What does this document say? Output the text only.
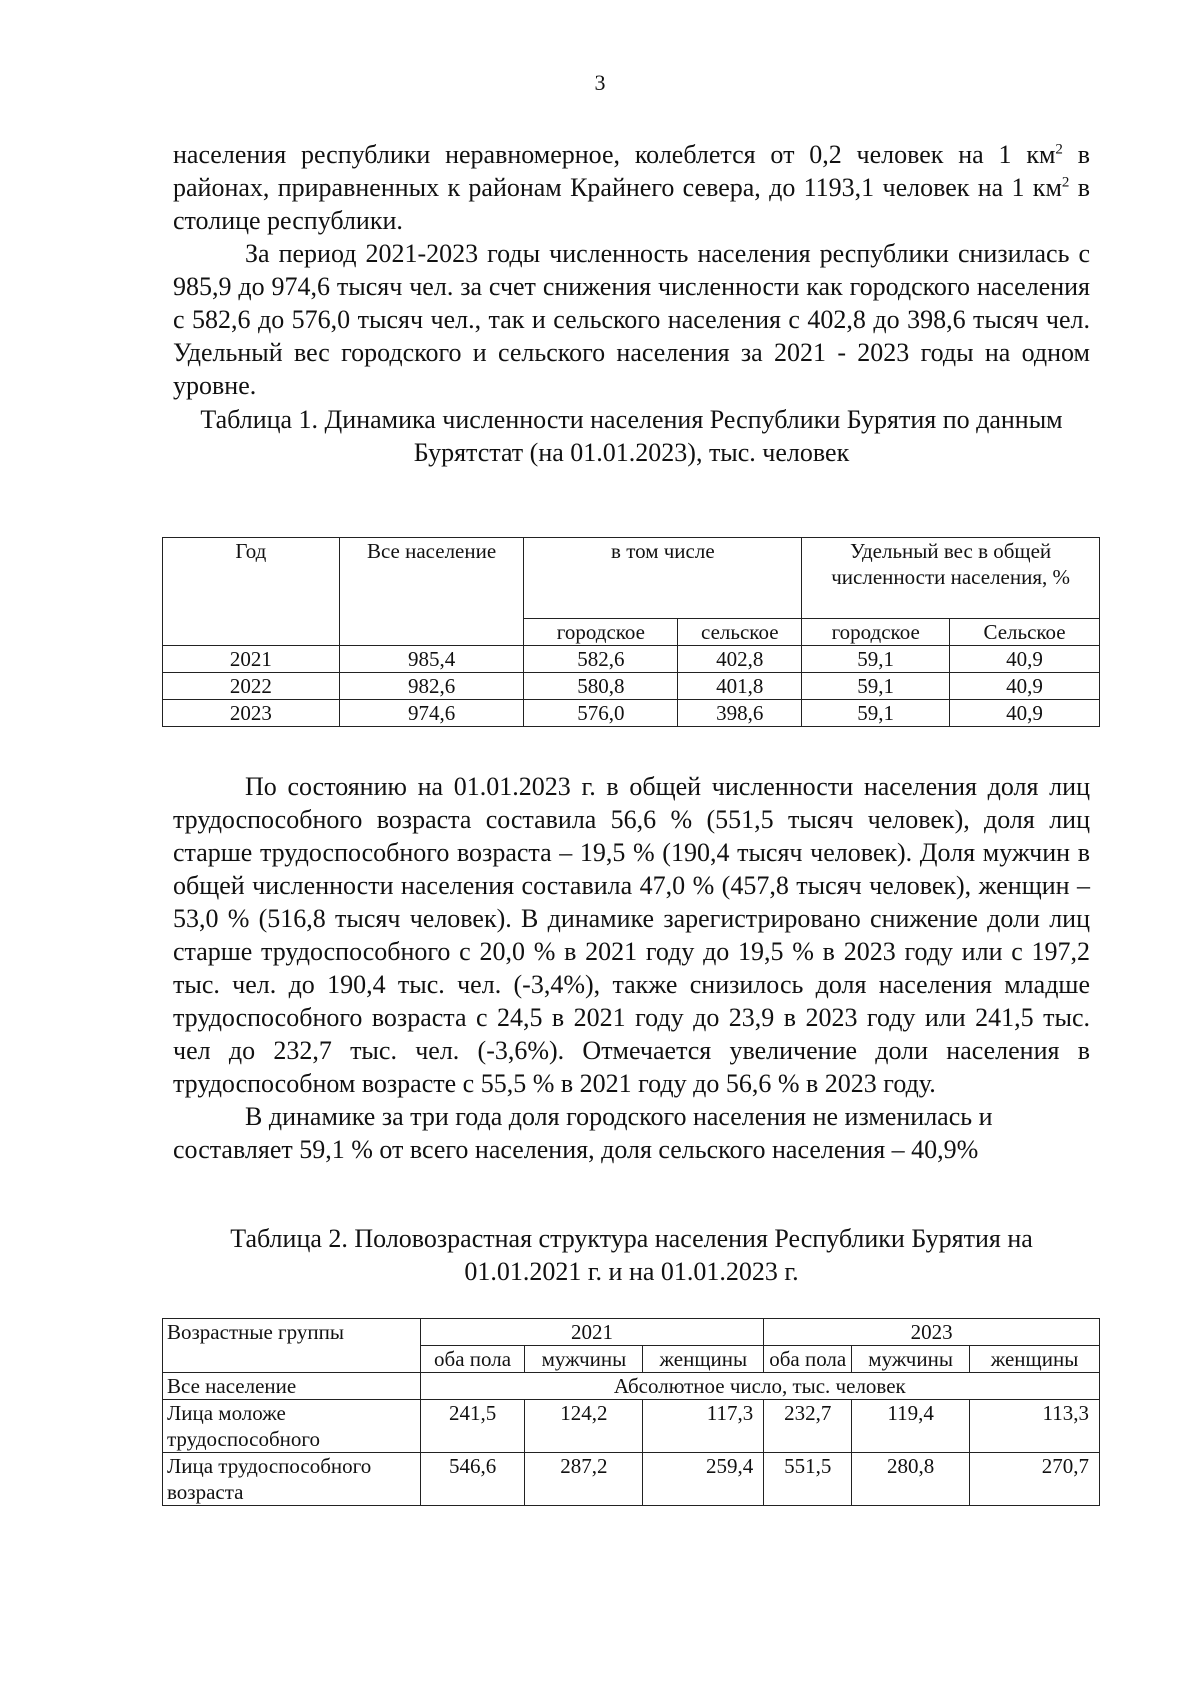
3

населения республики неравномерное, колеблется от 0,2 человек на 1 $км^2$ в районах, приравненных к районам Крайнего севера, до 1193,1 человек на 1 $км^2$ в столице республики.

За период 2021-2023 годы численность населения республики снизилась с 985,9 до 974,6 тысяч чел. за счет снижения численности как городского населения с 582,6 до 576,0 тысяч чел., так и сельского населения с 402,8 до 398,6 тысяч чел. Удельный вес городского и сельского населения за 2021 - 2023 годы на одном уровне.

Таблица 1. Динамика численности населения Республики Бурятия по данным Бурятстат (на 01.01.2023), тыс. человек

Год	Все население	в том числе		Удельный вес в общей численности населения, %	
		городское	сельское	городское	Сельское
2021	985,4	582,6	402,8	59,1	40,9
2022	982,6	580,8	401,8	59,1	40,9
2023	974,6	576,0	398,6	59,1	40,9

По состоянию на 01.01.2023 г. в общей численности населения доля лиц трудоспособного возраста составила 56,6 % (551,5 тысяч человек), доля лиц старше трудоспособного возраста – 19,5 % (190,4 тысяч человек). Доля мужчин в общей численности населения составила 47,0 % (457,8 тысяч человек), женщин – 53,0 % (516,8 тысяч человек). В динамике зарегистрировано снижение доли лиц старше трудоспособного с 20,0 % в 2021 году до 19,5 % в 2023 году или с 197,2 тыс. чел. до 190,4 тыс. чел. (-3,4%), также снизилось доля населения младше трудоспособного возраста с 24,5 в 2021 году до 23,9 в 2023 году или 241,5 тыс. чел до 232,7 тыс. чел. (-3,6%). Отмечается увеличение доли населения в трудоспособном возрасте с 55,5 % в 2021 году до 56,6 % в 2023 году.

В динамике за три года доля городского населения не изменилась и составляет 59,1 % от всего населения, доля сельского населения – 40,9%

Таблица 2. Половозрастная структура населения Республики Бурятия на 01.01.2021 г. и на 01.01.2023 г.

Возрастные группы	2021			2023		
	оба пола	мужчины	женщины	оба пола	мужчины	женщины
Все население	Абсолютное число, тыс. человек					
Лица моложе трудоспособного	241,5	124,2	117,3	232,7	119,4	113,3
Лица трудоспособного возраста	546,6	287,2	259,4	551,5	280,8	270,7
